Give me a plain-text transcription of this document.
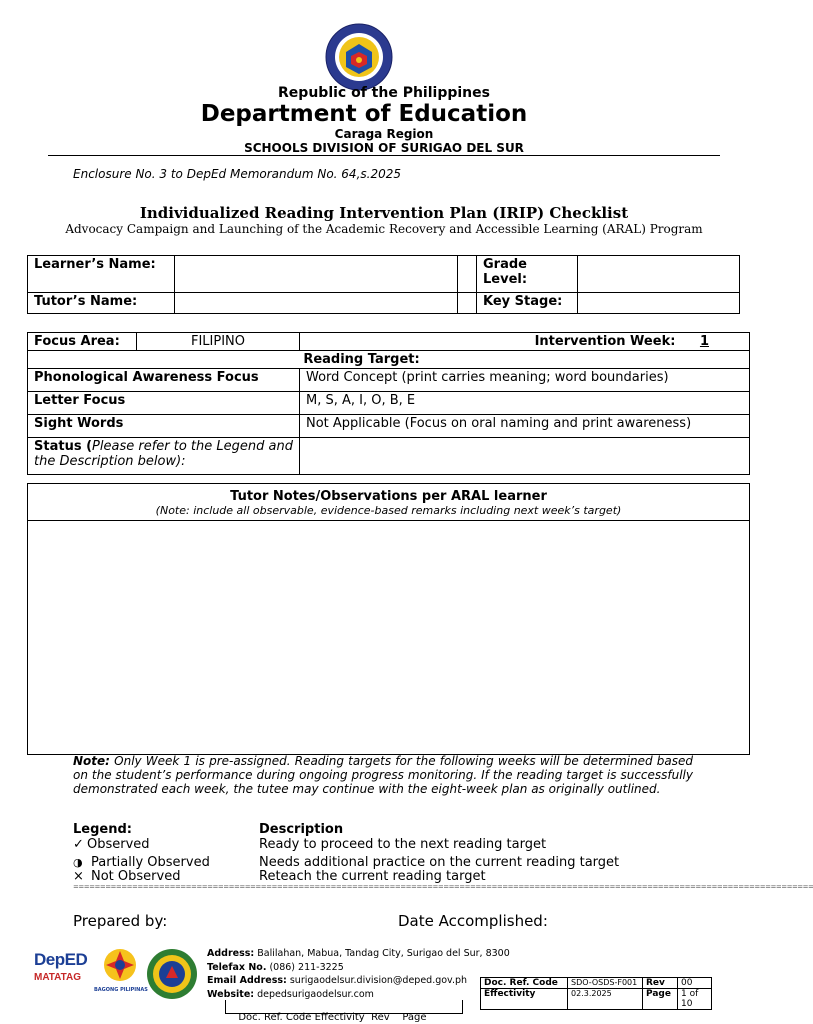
Republic of the Philippines
Department of Education
Caraga Region
SCHOOLS DIVISION OF SURIGAO DEL SUR
Enclosure No. 3 to DepEd Memorandum No. 64,s.2025
Individualized Reading Intervention Plan (IRIP) Checklist
Advocacy Campaign and Launching of the Academic Recovery and Accessible Learning (ARAL) Program
Learner’s Name:			Grade Level:	
Tutor’s Name:			Key Stage:	
Focus Area:	FILIPINO	Intervention Week: 1
Reading Target:		
Phonological Awareness Focus		Word Concept (print carries meaning; word boundaries)
Letter Focus		M, S, A, I, O, B, E
Sight Words		Not Applicable (Focus on oral naming and print awareness)
Status (Please refer to the Legend and the Description below):		
Tutor Notes/Observations per ARAL learner
(Note: include all observable, evidence-based remarks including next week’s target)
Note: Only Week 1 is pre-assigned. Reading targets for the following weeks will be determined based on the student’s performance during ongoing progress monitoring. If the reading target is successfully demonstrated each week, the tutee may continue with the eight-week plan as originally outlined.
Legend:	Description
✓ Observed	Ready to proceed to the next reading target
◑ Partially Observed	Needs additional practice on the current reading target
× Not Observed	Reteach the current reading target
==========================================================================================================================================
Prepared by:	Date Accomplished:
DepED
MATATAG
BAGONG PILIPINAS
Address: Balilahan, Mabua, Tandag City, Surigao del Sur, 8300
Telefax No. (086) 211-3225
Email Address: surigaodelsur.division@deped.gov.ph
Website: depedsurigaodelsur.com
Doc. Ref. Code	SDO-OSDS-F001	Rev	00
Effectivity	02.3.2025	Page	1 of 10

Doc. Ref. Code Effectivity  Rev    Page
